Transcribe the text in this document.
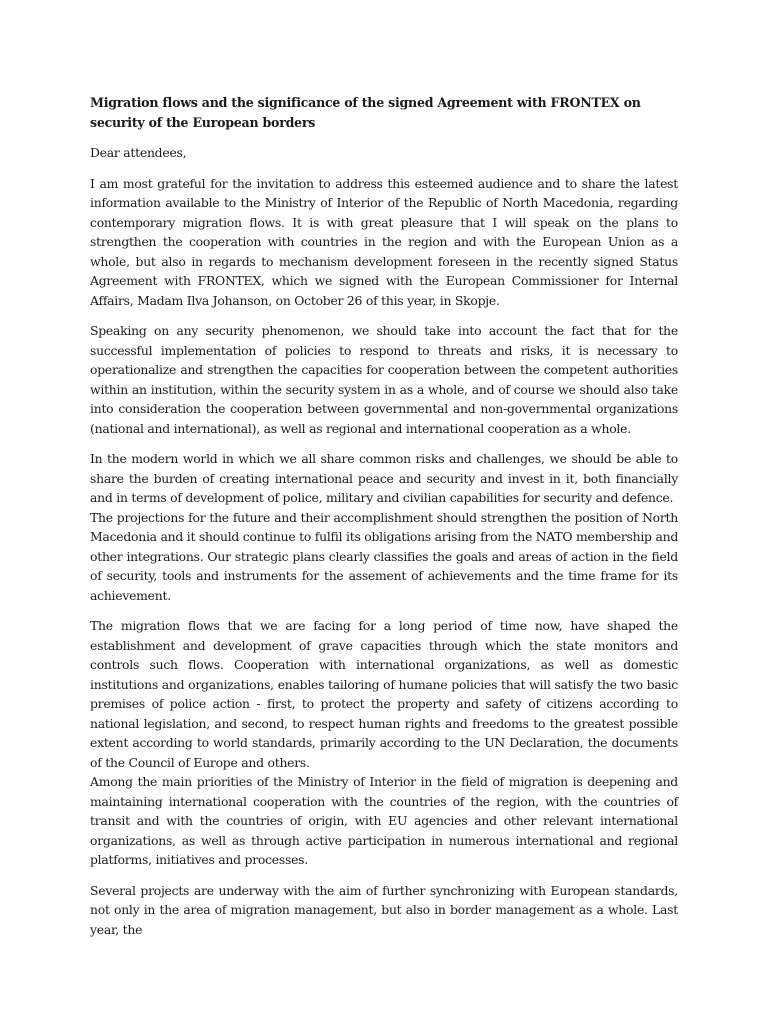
Migration flows and the significance of the signed Agreement with FRONTEX on security of the European borders
Dear attendees,

I am most grateful for the invitation to address this esteemed audience and to share the latest information available to the Ministry of Interior of the Republic of North Macedonia, regarding contemporary migration flows. It is with great pleasure that I will speak on the plans to strengthen the cooperation with countries in the region and with the European Union as a whole, but also in regards to mechanism development foreseen in the recently signed Status Agreement with FRONTEX, which we signed with the European Commissioner for Internal Affairs, Madam Ilva Johanson, on October 26 of this year, in Skopje.

Speaking on any security phenomenon, we should take into account the fact that for the successful implementation of policies to respond to threats and risks, it is necessary to operationalize and strengthen the capacities for cooperation between the competent authorities within an institution, within the security system in as a whole, and of course we should also take into consideration the cooperation between governmental and non-governmental organizations (national and international), as well as regional and international cooperation as a whole.

In the modern world in which we all share common risks and challenges, we should be able to share the burden of creating international peace and security and invest in it, both financially and in terms of development of police, military and civilian capabilities for security and defence.

The projections for the future and their accomplishment should strengthen the position of North Macedonia and it should continue to fulfil its obligations arising from the NATO membership and other integrations. Our strategic plans clearly classifies the goals and areas of action in the field of security, tools and instruments for the assement of achievements and the time frame for its achievement.

The migration flows that we are facing for a long period of time now, have shaped the establishment and development of grave capacities through which the state monitors and controls such flows. Cooperation with international organizations, as well as domestic institutions and organizations, enables tailoring of humane policies that will satisfy the two basic premises of police action - first, to protect the property and safety of citizens according to national legislation, and second, to respect human rights and freedoms to the greatest possible extent according to world standards, primarily according to the UN Declaration, the documents of the Council of Europe and others.

Among the main priorities of the Ministry of Interior in the field of migration is deepening and maintaining international cooperation with the countries of the region, with the countries of transit and with the countries of origin, with EU agencies and other relevant international organizations, as well as through active participation in numerous international and regional platforms, initiatives and processes.

Several projects are underway with the aim of further synchronizing with European standards, not only in the area of migration management, but also in border management as a whole. Last year, the
